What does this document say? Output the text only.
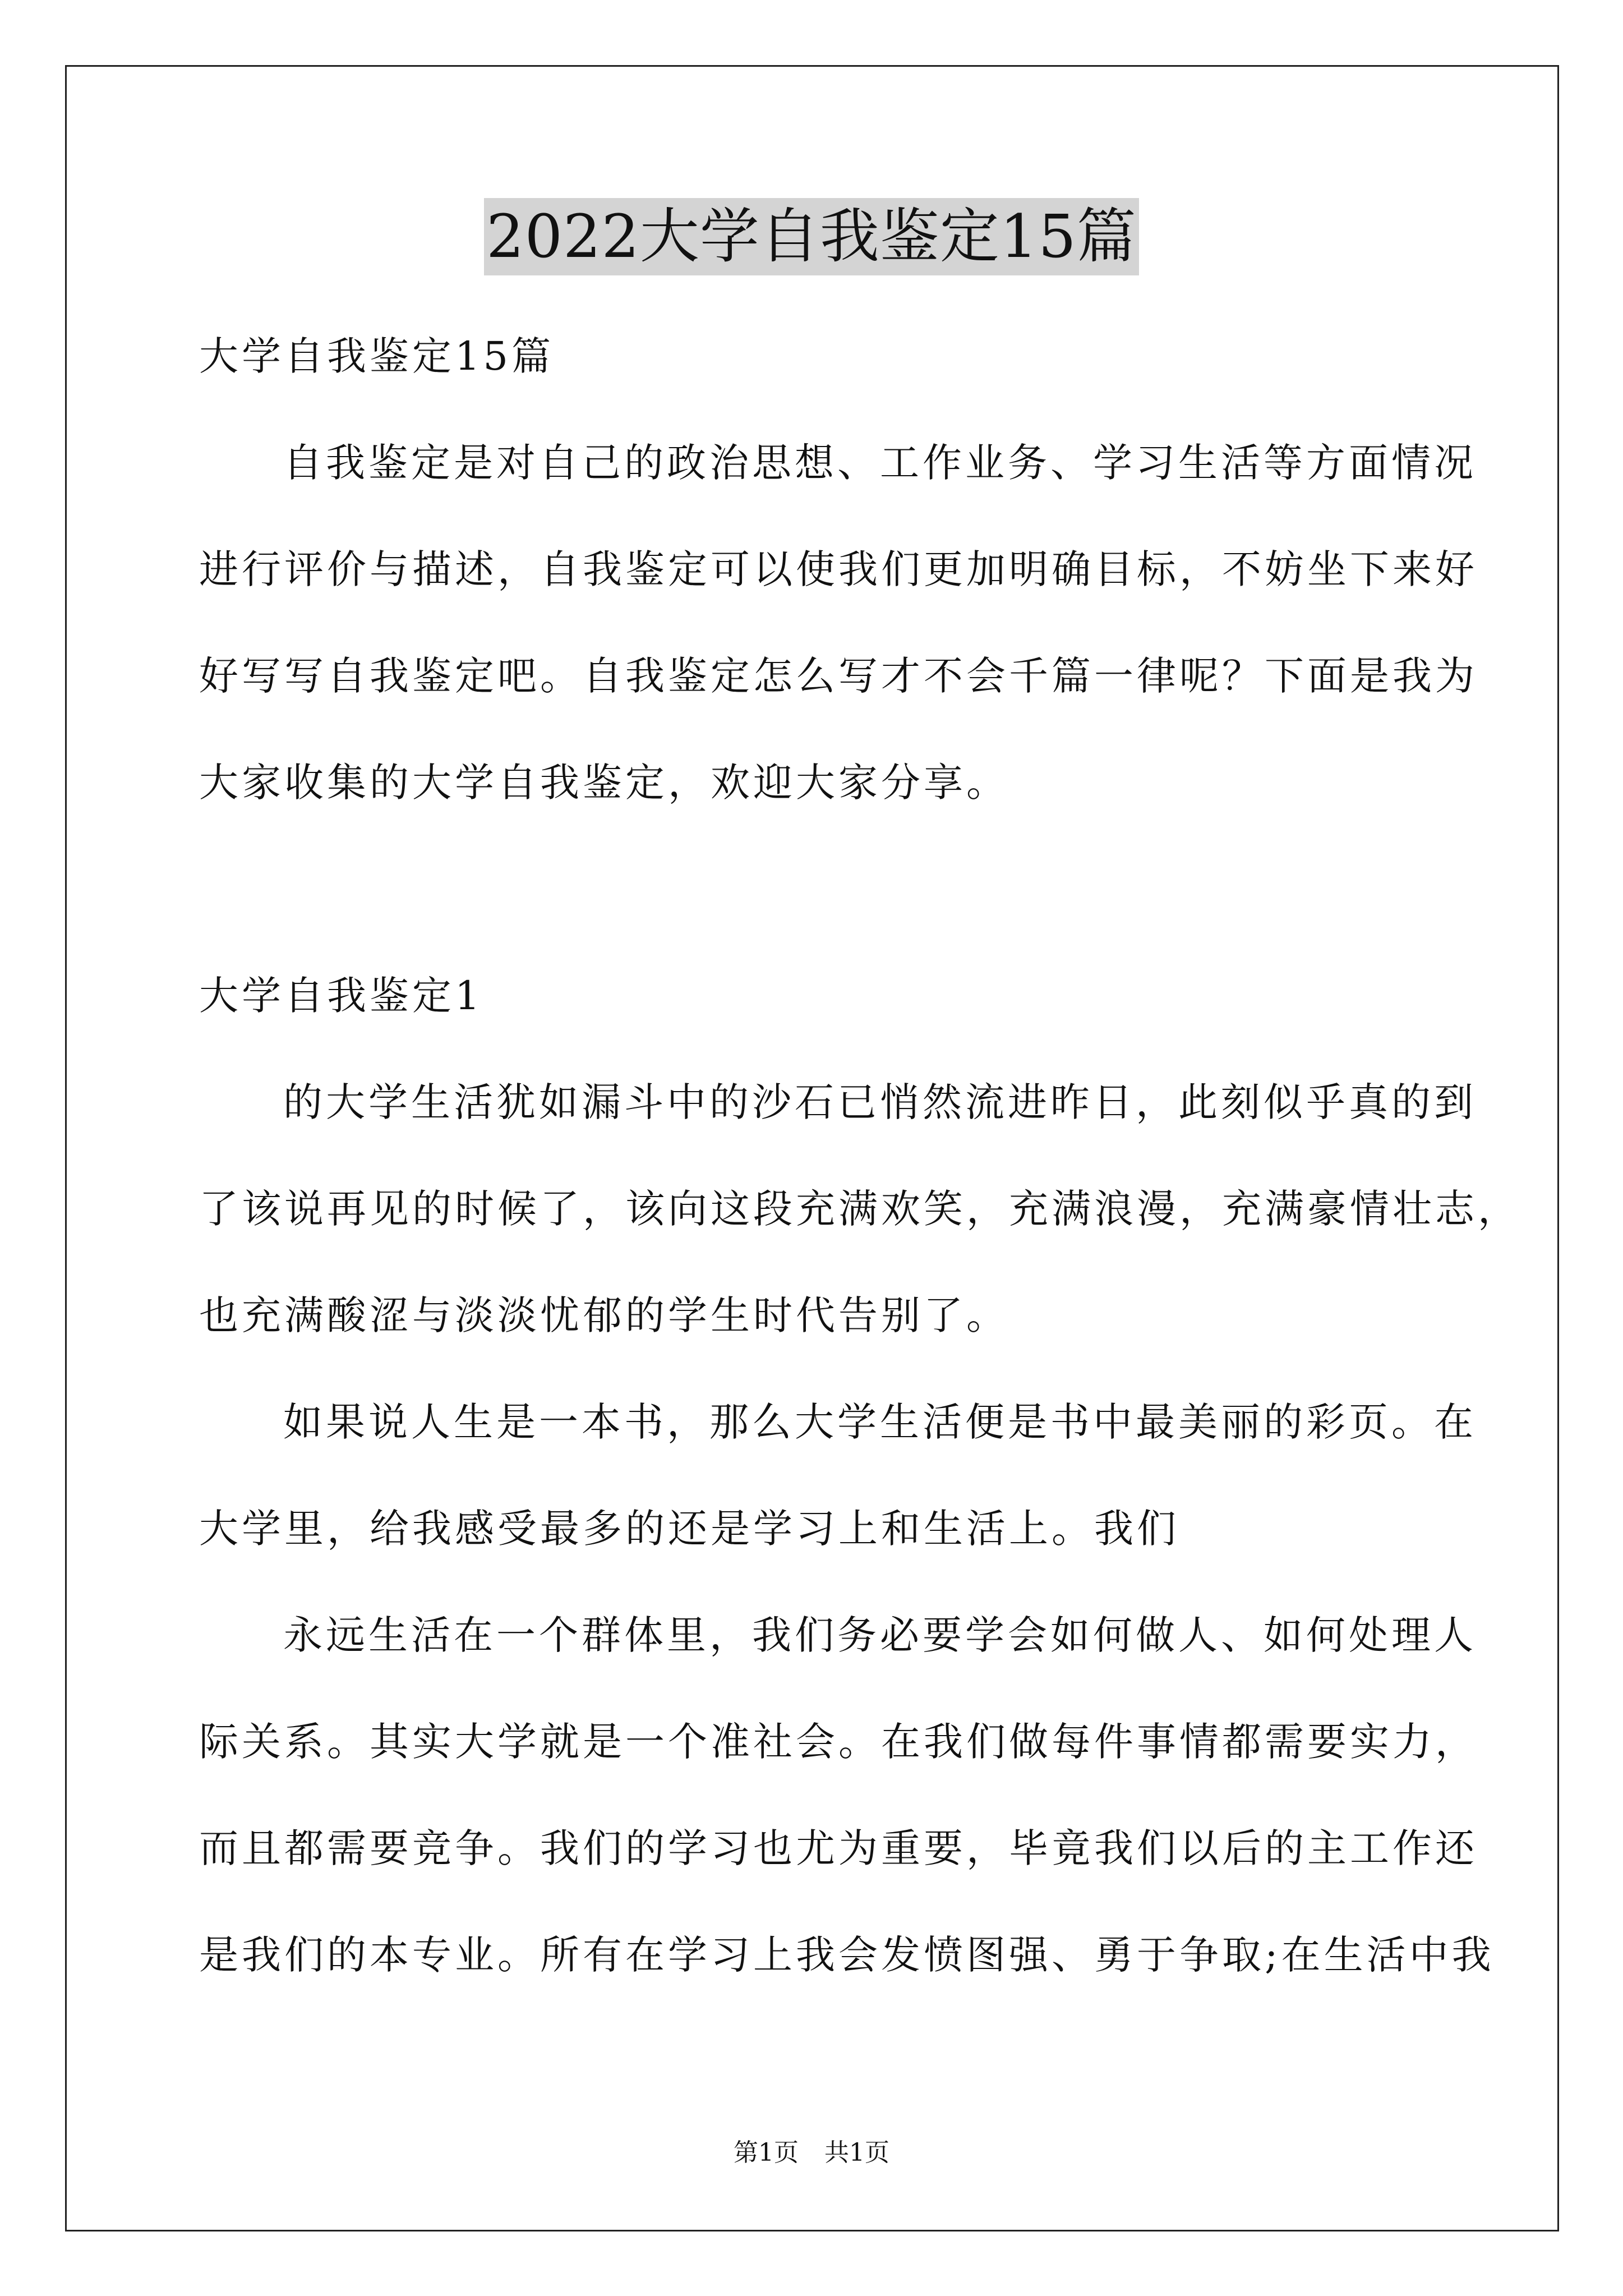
2022大学自我鉴定15篇

大学自我鉴定15篇

自我鉴定是对自己的政治思想、工作业务、学习生活等方面情况

进行评价与描述，自我鉴定可以使我们更加明确目标，不妨坐下来好

好写写自我鉴定吧。自我鉴定怎么写才不会千篇一律呢？下面是我为

大家收集的大学自我鉴定，欢迎大家分享。

大学自我鉴定1

的大学生活犹如漏斗中的沙石已悄然流进昨日，此刻似乎真的到

了该说再见的时候了，该向这段充满欢笑，充满浪漫，充满豪情壮志，

也充满酸涩与淡淡忧郁的学生时代告别了。

如果说人生是一本书，那么大学生活便是书中最美丽的彩页。在

大学里，给我感受最多的还是学习上和生活上。我们

永远生活在一个群体里，我们务必要学会如何做人、如何处理人

际关系。其实大学就是一个准社会。在我们做每件事情都需要实力，

而且都需要竞争。我们的学习也尤为重要，毕竟我们以后的主工作还

是我们的本专业。所有在学习上我会发愤图强、勇于争取;在生活中我

第1页 共1页
